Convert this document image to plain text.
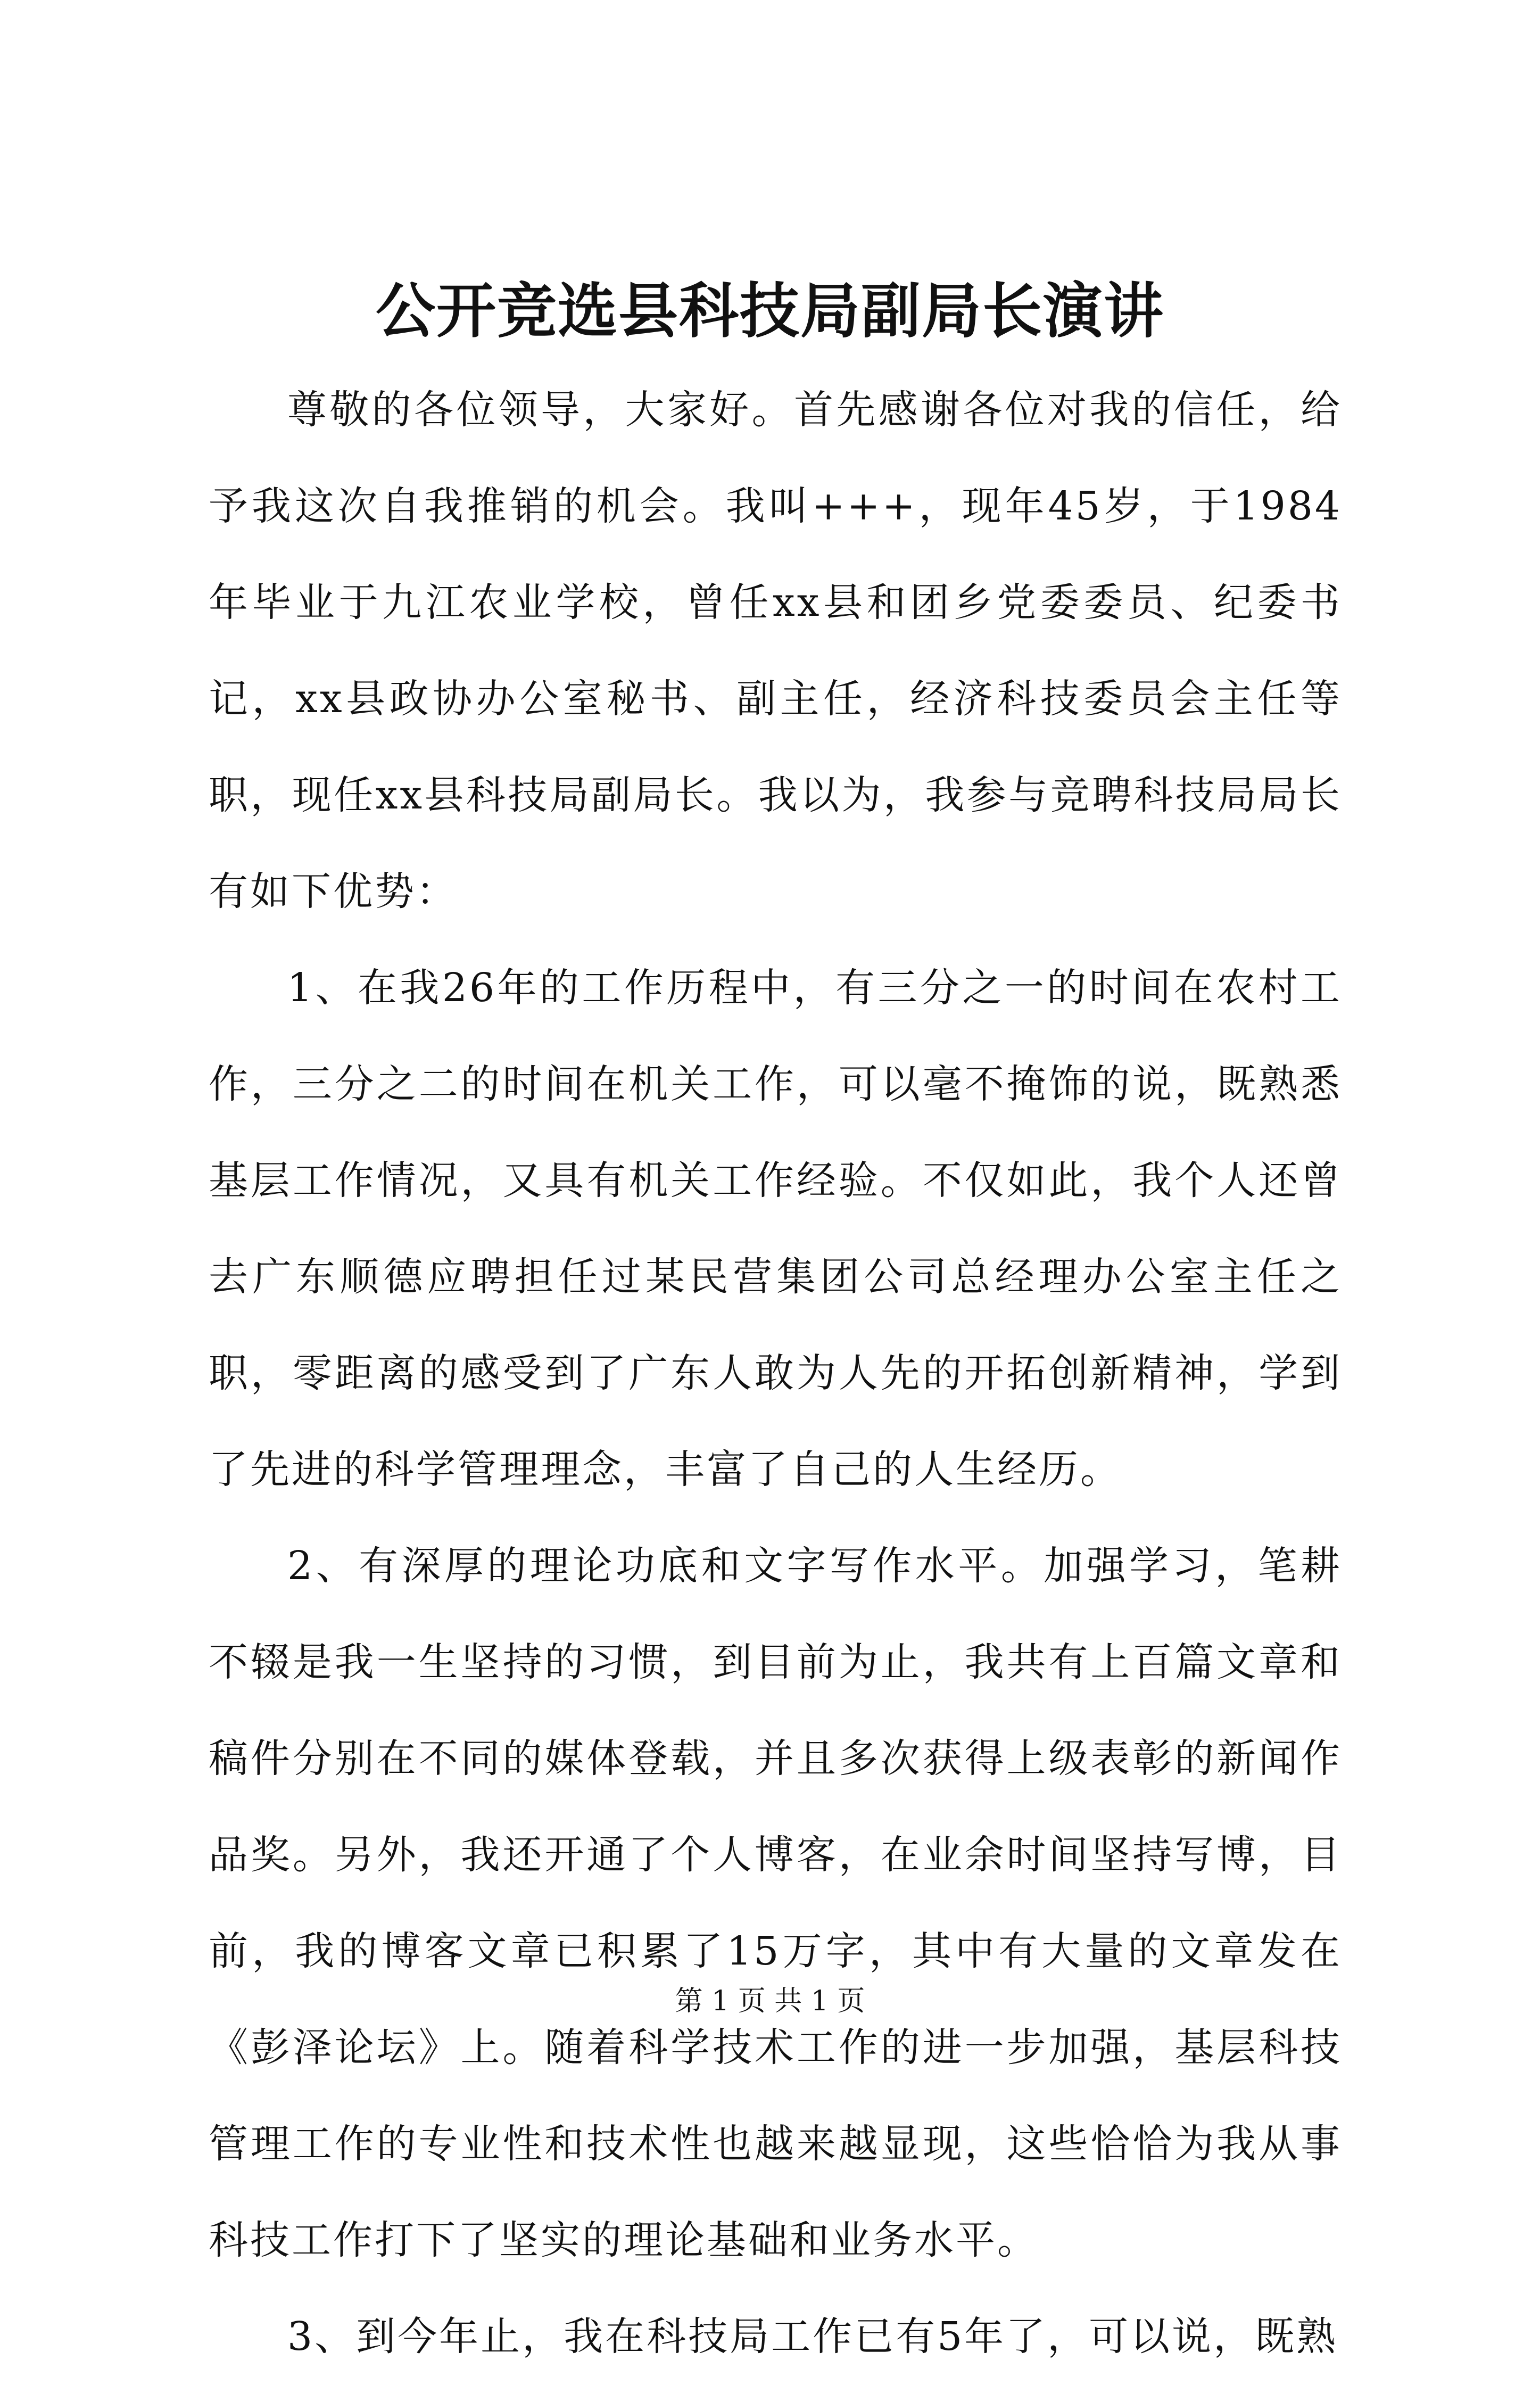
公开竞选县科技局副局长演讲

尊敬的各位领导，大家好。首先感谢各位对我的信任，给予我这次自我推销的机会。我叫+++，现年45岁，于1984年毕业于九江农业学校，曾任xx县和团乡党委委员、纪委书记，xx县政协办公室秘书、副主任，经济科技委员会主任等职，现任xx县科技局副局长。我以为，我参与竞聘科技局局长有如下优势：

1、在我26年的工作历程中，有三分之一的时间在农村工作，三分之二的时间在机关工作，可以毫不掩饰的说，既熟悉基层工作情况，又具有机关工作经验。不仅如此，我个人还曾去广东顺德应聘担任过某民营集团公司总经理办公室主任之职，零距离的感受到了广东人敢为人先的开拓创新精神，学到了先进的科学管理理念，丰富了自己的人生经历。

2、有深厚的理论功底和文字写作水平。加强学习，笔耕不辍是我一生坚持的习惯，到目前为止，我共有上百篇文章和稿件分别在不同的媒体登载，并且多次获得上级表彰的新闻作品奖。另外，我还开通了个人博客，在业余时间坚持写博，目前，我的博客文章已积累了15万字，其中有大量的文章发在《彭泽论坛》上。随着科学技术工作的进一步加强，基层科技管理工作的专业性和技术性也越来越显现，这些恰恰为我从事科技工作打下了坚实的理论基础和业务水平。

3、到今年止，我在科技局工作已有5年了，可以说，既熟

第 1 页 共 1 页
